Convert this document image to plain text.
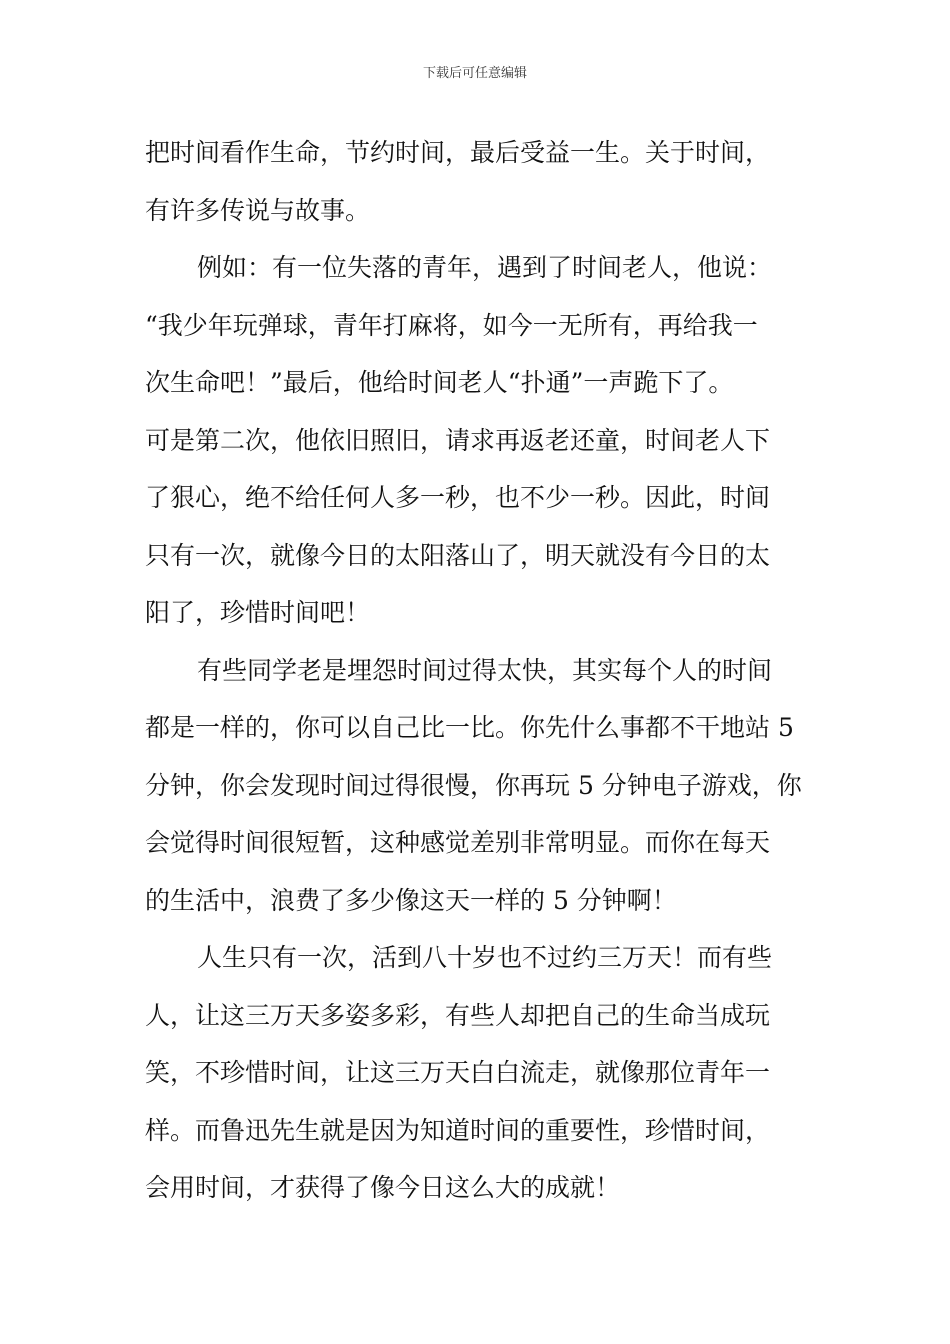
下载后可任意编辑
把时间看作生命，节约时间，最后受益一生。关于时间，
有许多传说与故事。
例如：有一位失落的青年，遇到了时间老人，他说：
“我少年玩弹球，青年打麻将，如今一无所有，再给我一
次生命吧！”最后，他给时间老人“扑通”一声跪下了。
可是第二次，他依旧照旧，请求再返老还童，时间老人下
了狠心，绝不给任何人多一秒，也不少一秒。因此，时间
只有一次，就像今日的太阳落山了，明天就没有今日的太
阳了，珍惜时间吧！
有些同学老是埋怨时间过得太快，其实每个人的时间
都是一样的，你可以自己比一比。你先什么事都不干地站 5
分钟，你会发现时间过得很慢，你再玩 5 分钟电子游戏，你
会觉得时间很短暂，这种感觉差别非常明显。而你在每天
的生活中，浪费了多少像这天一样的 5 分钟啊！
人生只有一次，活到八十岁也不过约三万天！而有些
人，让这三万天多姿多彩，有些人却把自己的生命当成玩
笑，不珍惜时间，让这三万天白白流走，就像那位青年一
样。而鲁迅先生就是因为知道时间的重要性，珍惜时间，
会用时间，才获得了像今日这么大的成就！
